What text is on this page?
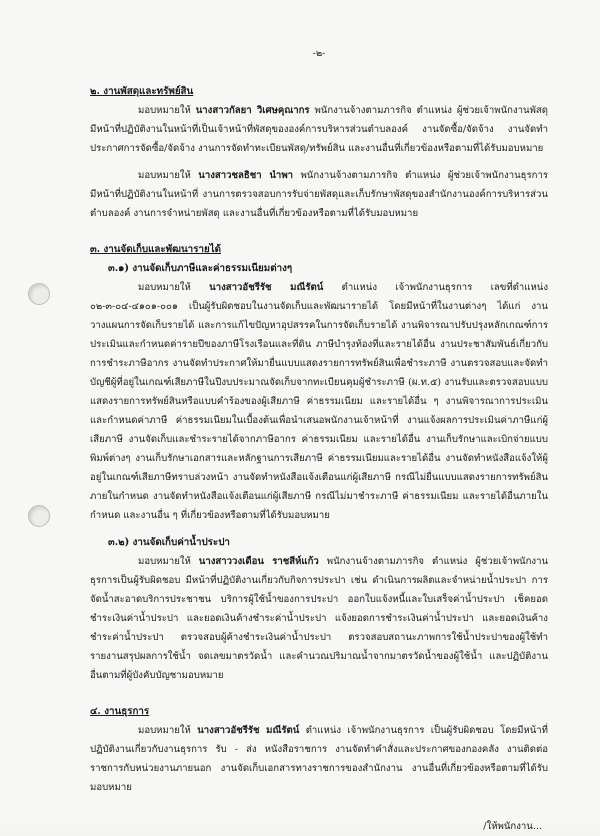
-๒-
๒. งานพัสดุและทรัพย์สิน

มอบหมายให้ นางสาวกัลยา วิเศษคุณากร พนักงานจ้างตามภารกิจ ตำแหน่ง ผู้ช่วยเจ้าพนักงานพัสดุ มีหน้าที่ปฏิบัติงานในหน้าที่เป็นเจ้าหน้าที่พัสดุขององค์การบริหารส่วนตำบลองค์ งานจัดซื้อ/จัดจ้าง งานจัดทำประกาศการจัดซื้อ/จัดจ้าง งานการจัดทำทะเบียนพัสดุ/ทรัพย์สิน และงานอื่นที่เกี่ยวข้องหรือตามที่ได้รับมอบหมาย

มอบหมายให้ นางสาวชลธิชา นำพา พนักงานจ้างตามภารกิจ ตำแหน่ง ผู้ช่วยเจ้าพนักงานธุรการ มีหน้าที่ปฏิบัติงานในหน้าที่ งานการตรวจสอบการรับจ่ายพัสดุและเก็บรักษาพัสดุของสำนักงานองค์การบริหารส่วนตำบลองค์ งานการจำหน่ายพัสดุ และงานอื่นที่เกี่ยวข้องหรือตามที่ได้รับมอบหมาย

๓. งานจัดเก็บและพัฒนารายได้
๓.๑) งานจัดเก็บภาษีและค่าธรรมเนียมต่างๆ

มอบหมายให้ นางสาวอัชรีรัช มณีรัตน์ ตำแหน่ง เจ้าพนักงานธุรการ เลขที่ตำแหน่ง ๐๒-๓-๐๔-๔๑๐๑-๐๐๑ เป็นผู้รับผิดชอบในงานจัดเก็บและพัฒนารายได้ โดยมีหน้าที่ในงานต่างๆ ได้แก่ งานวางแผนการจัดเก็บรายได้ และการแก้ไขปัญหาอุปสรรคในการจัดเก็บรายได้ งานพิจารณาปรับปรุงหลักเกณฑ์การประเมินและกำหนดค่ารายปีของภาษีโรงเรือนและที่ดิน ภาษีบำรุงท้องที่และรายได้อื่น งานประชาสัมพันธ์เกี่ยวกับการชำระภาษีอากร งานจัดทำประกาศให้มายื่นแบบแสดงรายการทรัพย์สินเพื่อชำระภาษี งานตรวจสอบและจัดทำบัญชีผู้ที่อยู่ในเกณฑ์เสียภาษีในปีงบประมาณจัดเก็บจากทะเบียนคุมผู้ชำระภาษี (ผ.ท.๕) งานรับและตรวจสอบแบบแสดงรายการทรัพย์สินหรือแบบคำร้องของผู้เสียภาษี ค่าธรรมเนียม และรายได้อื่น ๆ งานพิจารณาการประเมินและกำหนดค่าภาษี ค่าธรรมเนียมในเบื้องต้นเพื่อนำเสนอพนักงานเจ้าหน้าที่ งานแจ้งผลการประเมินค่าภาษีแก่ผู้เสียภาษี งานจัดเก็บและชำระรายได้จากภาษีอากร ค่าธรรมเนียม และรายได้อื่น งานเก็บรักษาและเบิกจ่ายแบบพิมพ์ต่างๆ งานเก็บรักษาเอกสารและหลักฐานการเสียภาษี ค่าธรรมเนียมและรายได้อื่น งานจัดทำหนังสือแจ้งให้ผู้อยู่ในเกณฑ์เสียภาษีทราบล่วงหน้า งานจัดทำหนังสือแจ้งเตือนแก่ผู้เสียภาษี กรณีไม่ยื่นแบบแสดงรายการทรัพย์สินภายในกำหนด งานจัดทำหนังสือแจ้งเตือนแก่ผู้เสียภาษี กรณีไม่มาชำระภาษี ค่าธรรมเนียม และรายได้อื่นภายในกำหนด และงานอื่น ๆ ที่เกี่ยวข้องหรือตามที่ได้รับมอบหมาย

๓.๒) งานจัดเก็บค่าน้ำประปา

มอบหมายให้ นางสาววงเดือน ราชสีห์แก้ว พนักงานจ้างตามภารกิจ ตำแหน่ง ผู้ช่วยเจ้าพนักงานธุรการเป็นผู้รับผิดชอบ มีหน้าที่ปฏิบัติงานเกี่ยวกับกิจการประปา เช่น ดำเนินการผลิตและจำหน่ายน้ำประปา การจัดน้ำสะอาดบริการประชาชน บริการผู้ใช้น้ำของการประปา ออกใบแจ้งหนี้และใบเสร็จค่าน้ำประปา เช็คยอดชำระเงินค่าน้ำประปา และยอดเงินค้างชำระค่าน้ำประปา แจ้งยอดการชำระเงินค่าน้ำประปา และยอดเงินค้างชำระค่าน้ำประปา ตรวจสอบผู้ค้างชำระเงินค่าน้ำประปา ตรวจสอบสถานะภาพการใช้น้ำประปาของผู้ใช้ทำรายงานสรุปผลการใช้น้ำ จดเลขมาตรวัดน้ำ และคำนวณปริมาณน้ำจากมาตรวัดน้ำของผู้ใช้น้ำ และปฏิบัติงานอื่นตามที่ผู้บังคับบัญชามอบหมาย

๔. งานธุรการ

มอบหมายให้ นางสาวอัชรีรัช มณีรัตน์ ตำแหน่ง เจ้าพนักงานธุรการ เป็นผู้รับผิดชอบ โดยมีหน้าที่ปฏิบัติงานเกี่ยวกับงานธุรการ รับ - ส่ง หนังสือราชการ งานจัดทำคำสั่งและประกาศของกองคลัง งานติดต่อราชการกับหน่วยงานภายนอก งานจัดเก็บเอกสารทางราชการของสำนักงาน งานอื่นที่เกี่ยวข้องหรือตามที่ได้รับมอบหมาย

/ให้พนักงาน...
